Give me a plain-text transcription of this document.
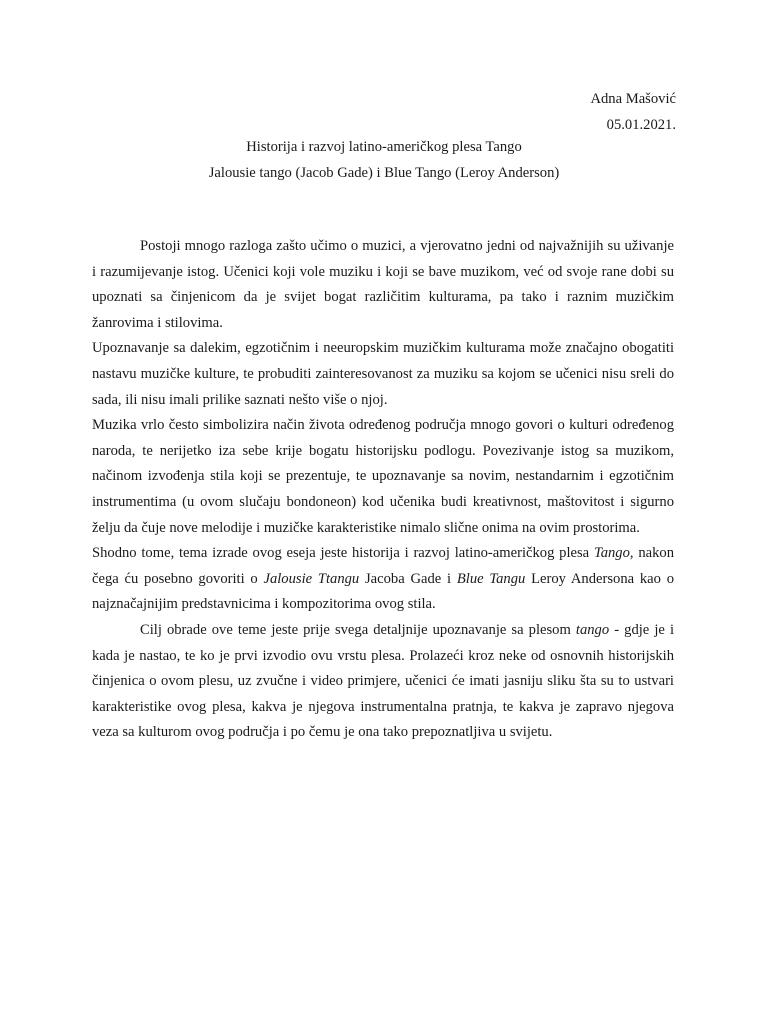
Adna Mašović
05.01.2021.
Historija i razvoj latino-američkog plesa Tango
Jalousie tango (Jacob Gade) i Blue Tango (Leroy Anderson)

Postoji mnogo razloga zašto učimo o muzici, a vjerovatno jedni od najvažnijih su uživanje i razumijevanje istog. Učenici koji vole muziku i koji se bave muzikom, već od svoje rane dobi su upoznati sa činjenicom da je svijet bogat različitim kulturama, pa tako i raznim muzičkim žanrovima i stilovima.

Upoznavanje sa dalekim, egzotičnim i neeuropskim muzičkim kulturama može značajno obogatiti nastavu muzičke kulture, te probuditi zainteresovanost za muziku sa kojom se učenici nisu sreli do sada, ili nisu imali prilike saznati nešto više o njoj.

Muzika vrlo često simbolizira način života određenog područja mnogo govori o kulturi određenog naroda, te nerijetko iza sebe krije bogatu historijsku podlogu. Povezivanje istog sa muzikom, načinom izvođenja stila koji se prezentuje, te upoznavanje sa novim, nestandarnim i egzotičnim instrumentima (u ovom slučaju bondoneon) kod učenika budi kreativnost, maštovitost i sigurno želju da čuje nove melodije i muzičke karakteristike nimalo slične onima na ovim prostorima.

Shodno tome, tema izrade ovog eseja jeste historija i razvoj latino-američkog plesa Tango, nakon čega ću posebno govoriti o Jalousie Ttangu Jacoba Gade i Blue Tangu Leroy Andersona kao o najznačajnijim predstavnicima i kompozitorima ovog stila.

Cilj obrade ove teme jeste prije svega detaljnije upoznavanje sa plesom tango - gdje je i kada je nastao, te ko je prvi izvodio ovu vrstu plesa. Prolazeći kroz neke od osnovnih historijskih činjenica o ovom plesu, uz zvučne i video primjere, učenici će imati jasniju sliku šta su to ustvari karakteristike ovog plesa, kakva je njegova instrumentalna pratnja, te kakva je zapravo njegova veza sa kulturom ovog područja i po čemu je ona tako prepoznatljiva u svijetu.
